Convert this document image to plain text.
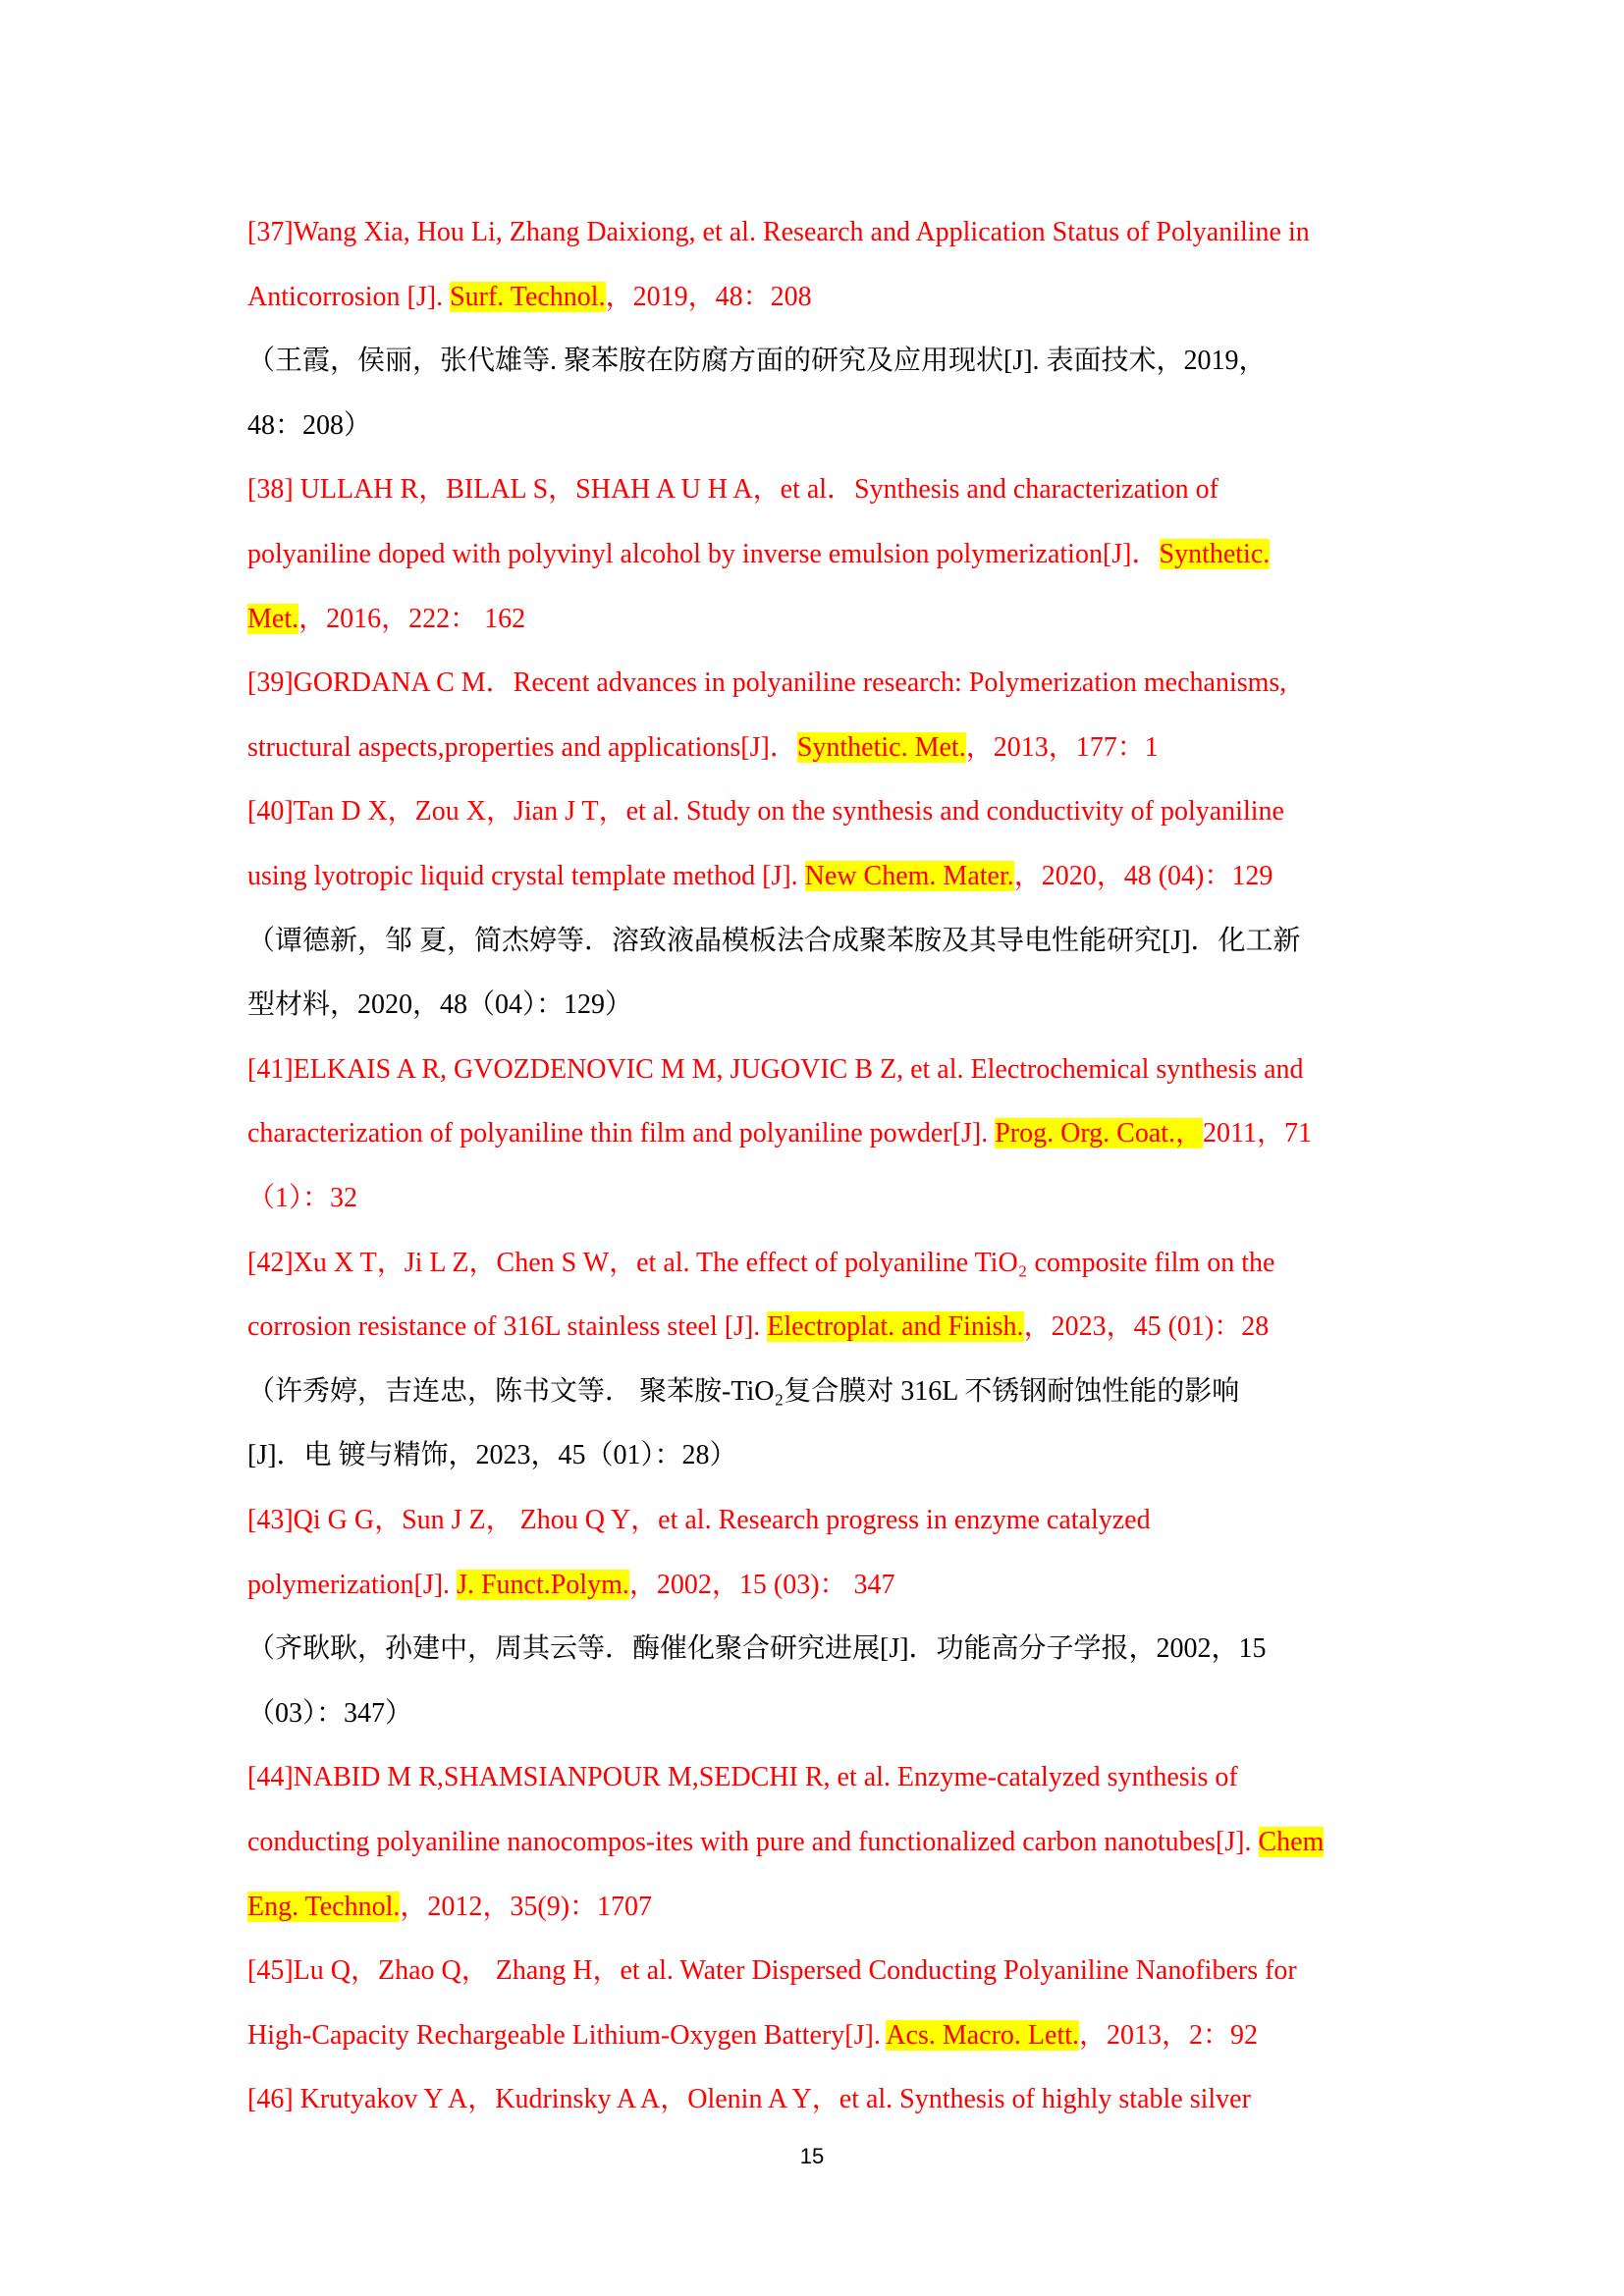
[37]Wang Xia, Hou Li, Zhang Daixiong, et al. Research and Application Status of Polyaniline in
Anticorrosion [J]. Surf. Technol.，2019，48：208
（王霞，侯丽，张代雄等. 聚苯胺在防腐方面的研究及应用现状[J]. 表面技术，2019，
48：208）
[38] ULLAH R，BILAL S，SHAH A U H A，et al．Synthesis and characterization of
polyaniline doped with polyvinyl alcohol by inverse emulsion polymerization[J]．Synthetic.
Met.，2016，222： 162
[39]GORDANA C M．Recent advances in polyaniline research: Polymerization mechanisms,
structural aspects,properties and applications[J]．Synthetic. Met.，2013，177：1
[40]Tan D X，Zou X，Jian J T，et al. Study on the synthesis and conductivity of polyaniline
using lyotropic liquid crystal template method [J]. New Chem. Mater.，2020，48 (04)：129
（谭德新，邹 夏，简杰婷等．溶致液晶模板法合成聚苯胺及其导电性能研究[J]．化工新
型材料，2020，48（04）：129）
[41]ELKAIS A R, GVOZDENOVIC M M, JUGOVIC B Z, et al. Electrochemical synthesis and
characterization of polyaniline thin film and polyaniline powder[J]. Prog. Org. Coat.，2011，71
（1）：32
[42]Xu X T，Ji L Z，Chen S W，et al. The effect of polyaniline TiO₂ composite film on the
corrosion resistance of 316L stainless steel [J]. Electroplat. and Finish.，2023，45 (01)：28
（许秀婷，吉连忠，陈书文等． 聚苯胺-TiO₂复合膜对 316L 不锈钢耐蚀性能的影响
[J]．电 镀与精饰，2023，45（01）：28）
[43]Qi G G，Sun J Z， Zhou Q Y，et al. Research progress in enzyme catalyzed
polymerization[J]. J. Funct.Polym.，2002，15 (03)： 347
（齐耿耿，孙建中，周其云等．酶催化聚合研究进展[J]．功能高分子学报，2002，15
（03）：347）
[44]NABID M R,SHAMSIANPOUR M,SEDCHI R, et al. Enzyme-catalyzed synthesis of
conducting polyaniline nanocompos-ites with pure and functionalized carbon nanotubes[J]. Chem
Eng. Technol.，2012，35(9)：1707
[45]Lu Q，Zhao Q， Zhang H，et al. Water Dispersed Conducting Polyaniline Nanofibers for
High-Capacity Rechargeable Lithium-Oxygen Battery[J]. Acs. Macro. Lett.，2013，2：92
[46] Krutyakov Y A，Kudrinsky A A，Olenin A Y，et al. Synthesis of highly stable silver
15
